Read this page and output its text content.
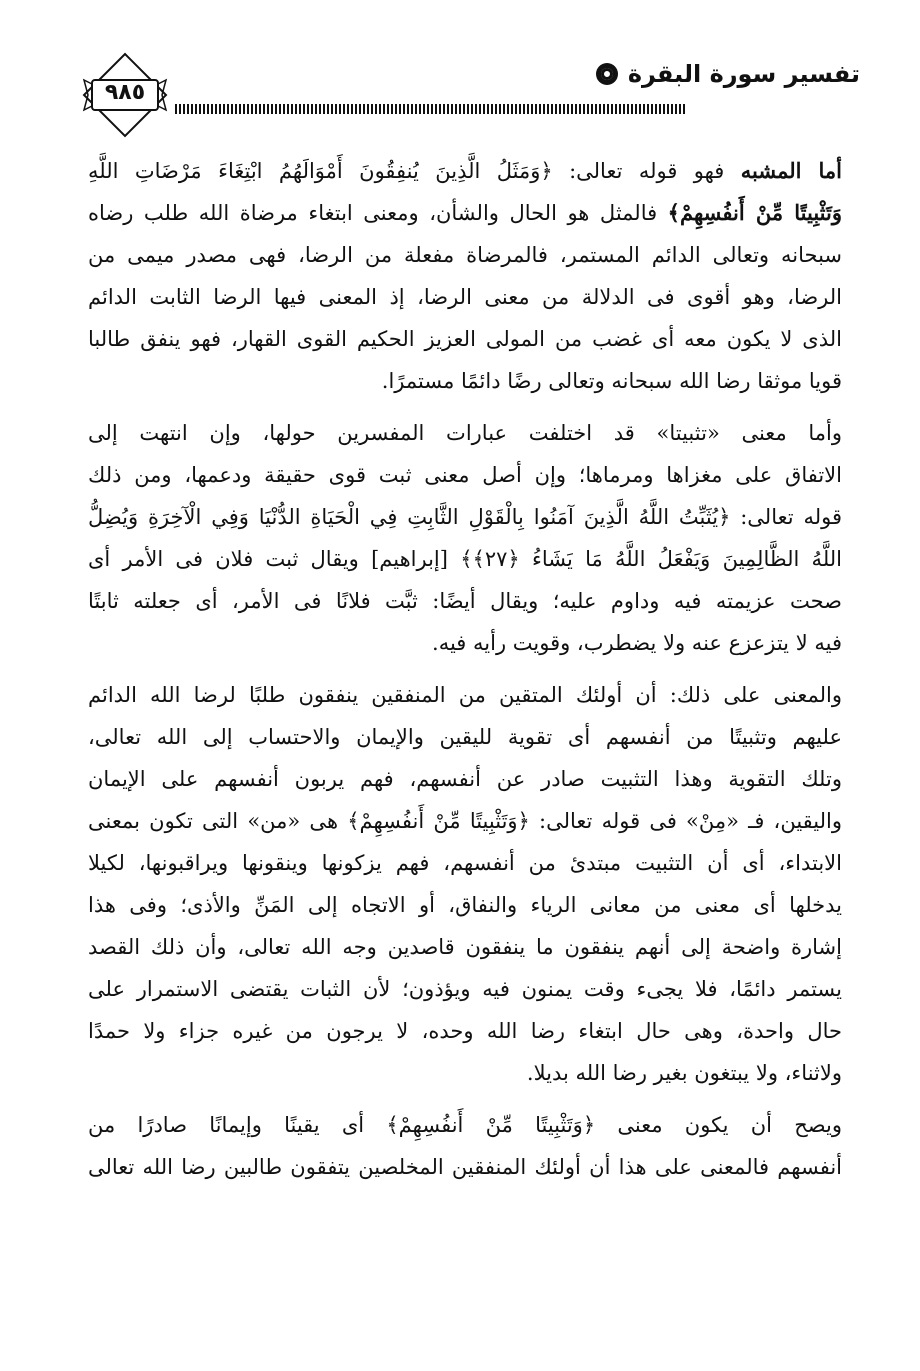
٩٨٥
تفسير سورة البقرة
أما المشبه فهو قوله تعالى: ﴿وَمَثَلُ الَّذِينَ يُنفِقُونَ أَمْوَالَهُمُ ابْتِغَاءَ مَرْضَاتِ اللَّهِ
وَتَثْبِيتًا مِّنْ أَنفُسِهِمْ﴾ فالمثل هو الحال والشأن، ومعنى ابتغاء مرضاة الله طلب رضاه
سبحانه وتعالى الدائم المستمر، فالمرضاة مفعلة من الرضا، فهى مصدر ميمى من
الرضا، وهو أقوى فى الدلالة من معنى الرضا، إذ المعنى فيها الرضا الثابت الدائم
الذى لا يكون معه أى غضب من المولى العزيز الحكيم القوى القهار، فهو ينفق طالبا
قويا موثقا رضا الله سبحانه وتعالى رضًا دائمًا مستمرًا.
وأما معنى «تثبيتا» قد اختلفت عبارات المفسرين حولها، وإن انتهت إلى
الاتفاق على مغزاها ومرماها؛ وإن أصل معنى ثبت قوى حقيقة ودعمها، ومن ذلك
قوله تعالى: ﴿يُثَبِّتُ اللَّهُ الَّذِينَ آمَنُوا بِالْقَوْلِ الثَّابِتِ فِي الْحَيَاةِ الدُّنْيَا وَفِي الْآخِرَةِ وَيُضِلُّ
اللَّهُ الظَّالِمِينَ وَيَفْعَلُ اللَّهُ مَا يَشَاءُ ﴿٢٧﴾﴾ [إبراهيم] ويقال ثبت فلان فى الأمر أى
صحت عزيمته فيه وداوم عليه؛ ويقال أيضًا: ثبَّت فلانًا فى الأمر، أى جعلته ثابتًا
فيه لا يتزعزع عنه ولا يضطرب، وقويت رأيه فيه.
والمعنى على ذلك: أن أولئك المتقين من المنفقين ينفقون طلبًا لرضا الله الدائم
عليهم وتثبيتًا من أنفسهم أى تقوية لليقين والإيمان والاحتساب إلى الله تعالى،
وتلك التقوية وهذا التثبيت صادر عن أنفسهم، فهم يربون أنفسهم على الإيمان
واليقين، فـ «مِنْ» فى قوله تعالى: ﴿وَتَثْبِيتًا مِّنْ أَنفُسِهِمْ﴾ هى «من» التى تكون بمعنى
الابتداء، أى أن التثبيت مبتدئ من أنفسهم، فهم يزكونها وينقونها ويراقبونها، لكيلا
يدخلها أى معنى من معانى الرياء والنفاق، أو الاتجاه إلى المَنِّ والأذى؛ وفى هذا
إشارة واضحة إلى أنهم ينفقون ما ينفقون قاصدين وجه الله تعالى، وأن ذلك القصد
يستمر دائمًا، فلا يجىء وقت يمنون فيه ويؤذون؛ لأن الثبات يقتضى الاستمرار على
حال واحدة، وهى حال ابتغاء رضا الله وحده، لا يرجون من غيره جزاء ولا حمدًا
ولاثناء، ولا يبتغون بغير رضا الله بديلا.
ويصح أن يكون معنى ﴿وَتَثْبِيتًا مِّنْ أَنفُسِهِمْ﴾ أى يقينًا وإيمانًا صادرًا من
أنفسهم فالمعنى على هذا أن أولئك المنفقين المخلصين يتفقون طالبين رضا الله تعالى
